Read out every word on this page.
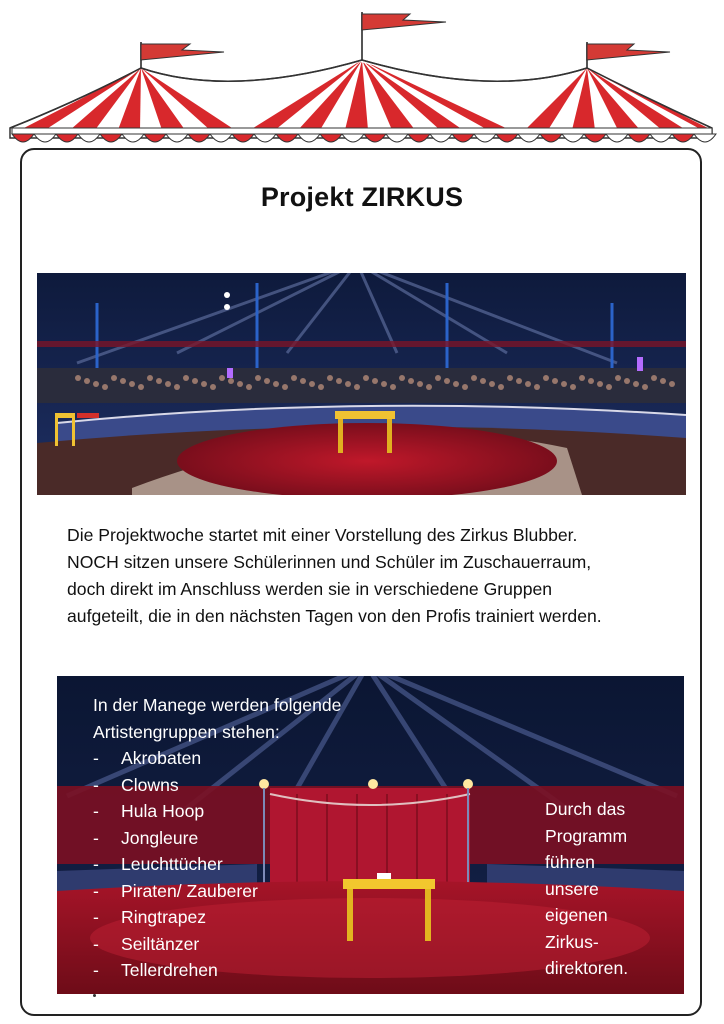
Projekt ZIRKUS

Die Projektwoche startet mit einer Vorstellung des Zirkus Blubber.

NOCH sitzen unsere Schülerinnen und Schüler im Zuschauerraum,

doch direkt im Anschluss werden sie in verschiedene Gruppen

aufgeteilt, die in den nächsten Tagen von den Profis trainiert werden.

In der Manege werden folgende
Artistengruppen stehen:
- Akrobaten
- Clowns
- Hula Hoop
- Jongleure
- Leuchttücher
- Piraten/ Zauberer
- Ringtrapez
- Seiltänzer
- Tellerdrehen
Durch das
Programm
führen
unsere
eigenen
Zirkus-
direktoren.
